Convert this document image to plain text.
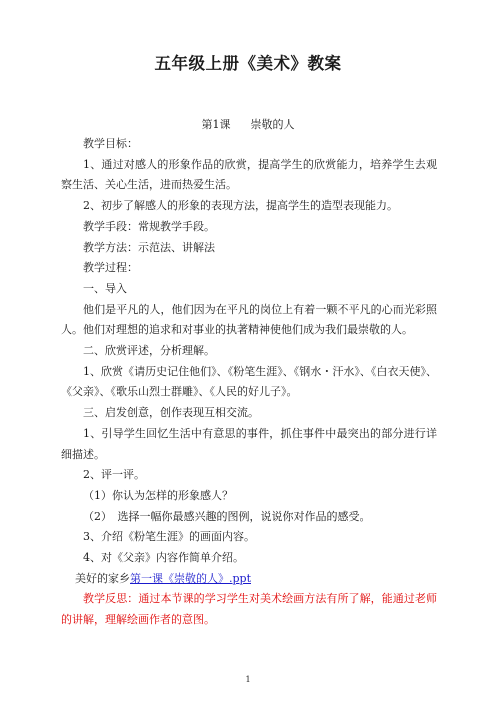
五年级上册《美术》教案
第1课 崇敬的人

教学目标：

1、通过对感人的形象作品的欣赏，提高学生的欣赏能力，培养学生去观察生活、关心生活，进而热爱生活。

2、初步了解感人的形象的表现方法，提高学生的造型表现能力。

教学手段：常规教学手段。

教学方法：示范法、讲解法

教学过程：

一、导入

他们是平凡的人，他们因为在平凡的岗位上有着一颗不平凡的心而光彩照人。他们对理想的追求和对事业的执著精神使他们成为我们最崇敬的人。

二、欣赏评述，分析理解。

1、欣赏《请历史记住他们》、《粉笔生涯》、《钢水・汗水》、《白衣天使》、《父亲》、《歌乐山烈士群雕》、《人民的好儿子》。

三、启发创意，创作表现互相交流。

1、引导学生回忆生活中有意思的事件，抓住事件中最突出的部分进行详细描述。

2、评一评。

（1）你认为怎样的形象感人？

（2）　选择一幅你最感兴趣的图例，说说你对作品的感受。

3、介绍《粉笔生涯》的画面内容。

4、对《父亲》内容作简单介绍。

美好的家乡第一课《崇敬的人》.ppt

教学反思：通过本节课的学习学生对美术绘画方法有所了解，能通过老师的讲解，理解绘画作者的意图。

1
